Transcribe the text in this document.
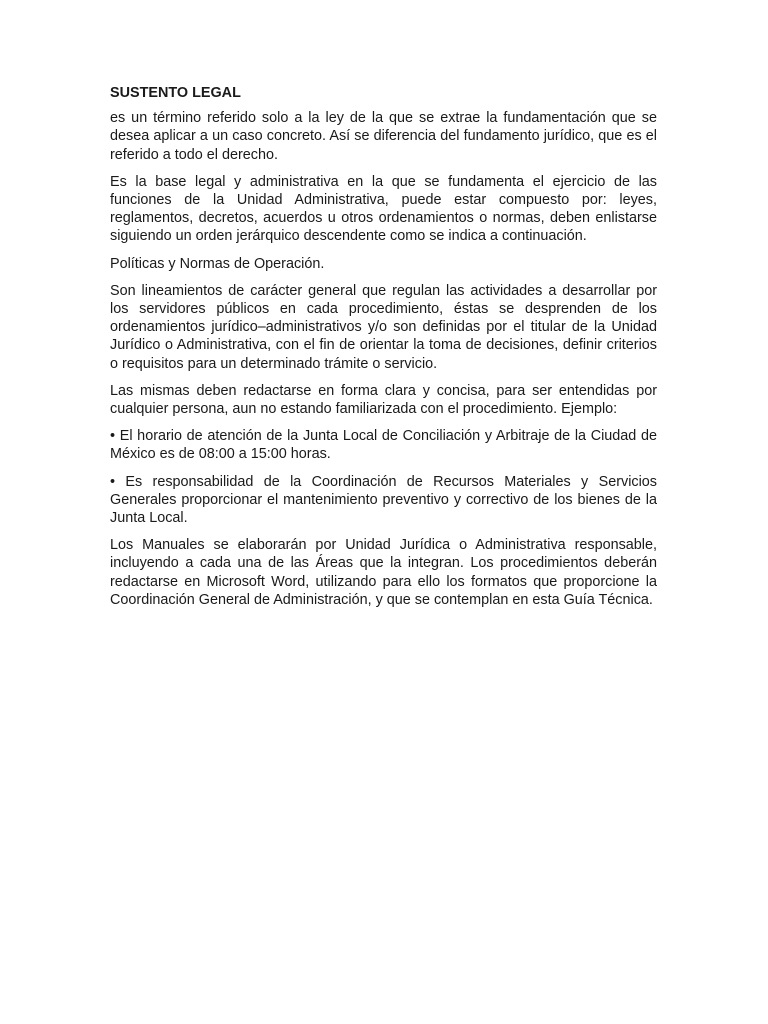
SUSTENTO LEGAL

es un término referido solo a la ley de la que se extrae la fundamentación que se desea aplicar a un caso concreto. Así se diferencia del fundamento jurídico, que es el referido a todo el derecho.

Es la base legal y administrativa en la que se fundamenta el ejercicio de las funciones de la Unidad Administrativa, puede estar compuesto por: leyes, reglamentos, decretos, acuerdos u otros ordenamientos o normas, deben enlistarse siguiendo un orden jerárquico descendente como se indica a continuación.

Políticas y Normas de Operación.

Son lineamientos de carácter general que regulan las actividades a desarrollar por los servidores públicos en cada procedimiento, éstas se desprenden de los ordenamientos jurídico–administrativos y/o son definidas por el titular de la Unidad Jurídico o Administrativa, con el fin de orientar la toma de decisiones, definir criterios o requisitos para un determinado trámite o servicio.

Las mismas deben redactarse en forma clara y concisa, para ser entendidas por cualquier persona, aun no estando familiarizada con el procedimiento. Ejemplo:

• El horario de atención de la Junta Local de Conciliación y Arbitraje de la Ciudad de México es de 08:00 a 15:00 horas.

• Es responsabilidad de la Coordinación de Recursos Materiales y Servicios Generales proporcionar el mantenimiento preventivo y correctivo de los bienes de la Junta Local.

Los Manuales se elaborarán por Unidad Jurídica o Administrativa responsable, incluyendo a cada una de las Áreas que la integran. Los procedimientos deberán redactarse en Microsoft Word, utilizando para ello los formatos que proporcione la Coordinación General de Administración, y que se contemplan en esta Guía Técnica.
